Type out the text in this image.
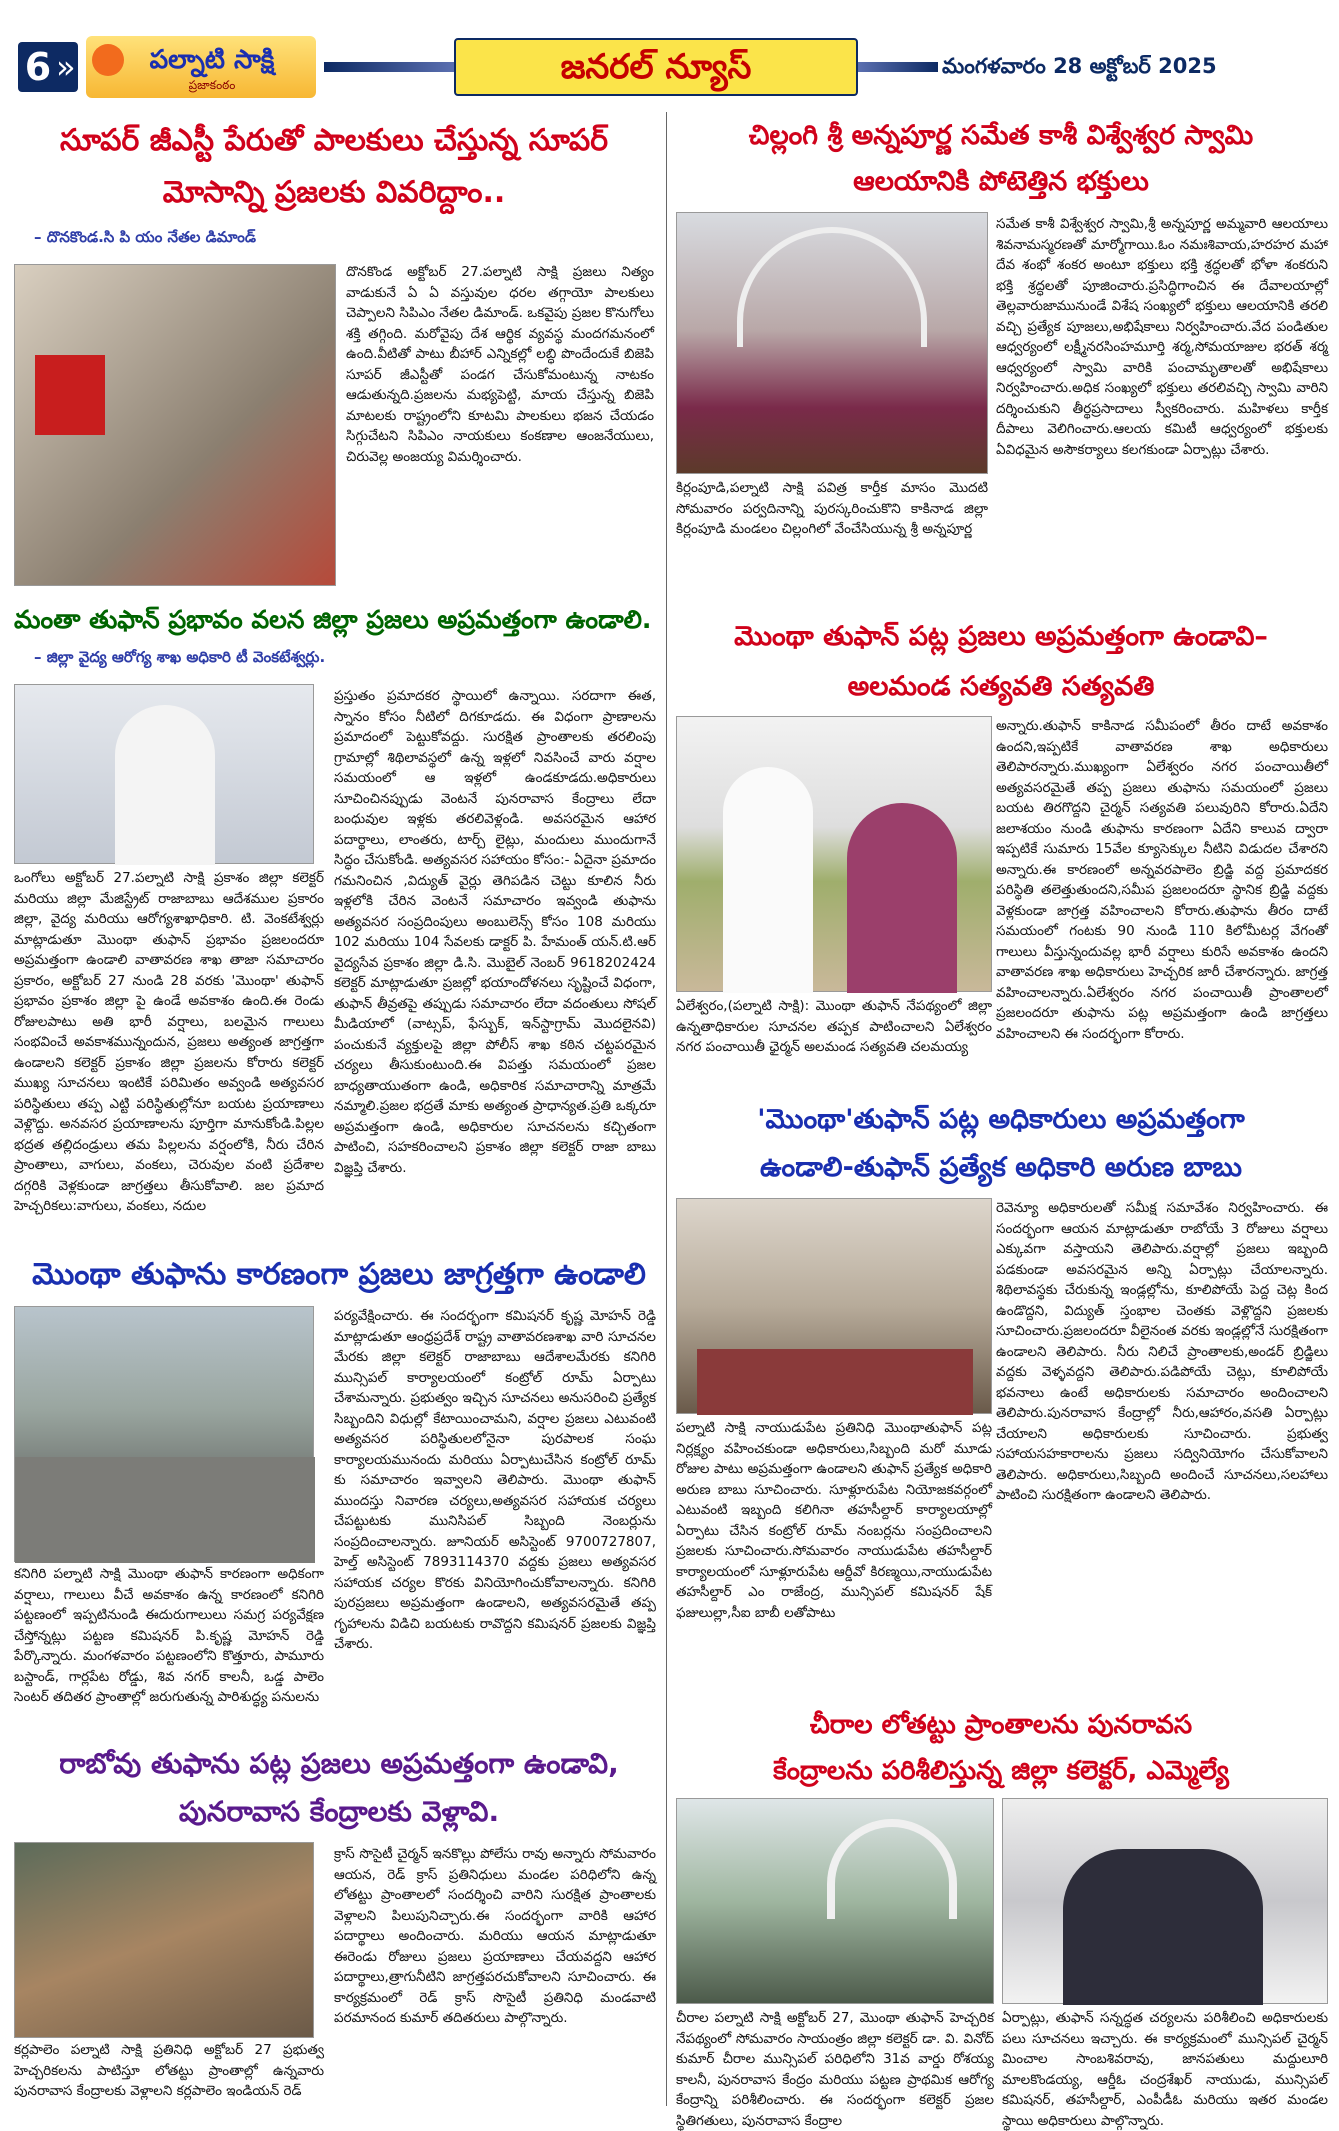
6 »	పల్నాటి సాక్షి
ప్రజాకంఠం	జనరల్ న్యూస్	మంగళవారం 28 అక్టోబర్ 2025
సూపర్ జీఎస్టీ పేరుతో పాలకులు చేస్తున్న సూపర్
మోసాన్ని ప్రజలకు వివరిద్దాం..
– దొనకొండ.సి పి యం నేతల డిమాండ్
దొనకొండ అక్టోబర్ 27.పల్నాటి సాక్షి ప్రజలు నిత్యం వాడుకునే ఏ ఏ వస్తువుల ధరల తగ్గాయో పాలకులు చెప్పాలని సిపిఎం నేతల డిమాండ్. ఒకవైపు ప్రజల కొనుగోలు శక్తి తగ్గింది. మరోవైపు దేశ ఆర్థిక వ్యవస్థ మందగమనంలో ఉంది.వీటితో పాటు బీహార్ ఎన్నికల్లో లబ్ధి పొందేందుకే బిజెపి సూపర్ జీఎస్టీతో పండగ చేసుకోమంటున్న నాటకం ఆడుతున్నది.ప్రజలను మభ్యపెట్టి, మాయ చేస్తున్న బిజెపి మాటలకు రాష్ట్రంలోని కూటమి పాలకులు భజన చేయడం సిగ్గుచేటని సిపిఎం నాయకులు కంకణాల ఆంజనేయులు, చిరువెల్ల అంజయ్య విమర్శించారు.
మంతా తుఫాన్ ప్రభావం వలన జిల్లా ప్రజలు అప్రమత్తంగా ఉండాలి.
– జిల్లా వైద్య ఆరోగ్య శాఖ అధికారి టీ వెంకటేశ్వర్లు.
ఒంగోలు అక్టోబర్ 27.పల్నాటి సాక్షి ప్రకాశం జిల్లా కలెక్టర్ మరియు జిల్లా మేజిస్ట్రేట్ రాజాబాబు ఆదేశముల ప్రకారం జిల్లా, వైద్య మరియు ఆరోగ్యశాఖాధికారి. టి. వెంకటేశ్వర్లు మాట్లాడుతూ మొంథా తుఫాన్ ప్రభావం ప్రజలందరూ అప్రమత్తంగా ఉండాలి వాతావరణ శాఖ తాజా సమాచారం ప్రకారం, అక్టోబర్ 27 నుండి 28 వరకు 'మొంథా' తుఫాన్ ప్రభావం ప్రకాశం జిల్లా పై ఉండే అవకాశం ఉంది.ఈ రెండు రోజులపాటు అతి భారీ వర్షాలు, బలమైన గాలులు సంభవించే అవకాశమున్నందున, ప్రజలు అత్యంత జాగ్రత్తగా ఉండాలని కలెక్టర్ ప్రకాశం జిల్లా ప్రజలను కోరారు కలెక్టర్ ముఖ్య సూచనలు ఇంటికే పరిమితం అవ్వండి అత్యవసర పరిస్థితులు తప్ప ఎట్టి పరిస్థితుల్లోనూ బయట ప్రయాణాలు వెళ్లొద్దు. అనవసర ప్రయాణాలను పూర్తిగా మానుకోండి.పిల్లల భద్రత తల్లిదండ్రులు తమ పిల్లలను వర్షంలోకి, నీరు చేరిన ప్రాంతాలు, వాగులు, వంకలు, చెరువుల వంటి ప్రదేశాల దగ్గరికి వెళ్లకుండా జాగ్రత్తలు తీసుకోవాలి. జల ప్రమాద హెచ్చరికలు:వాగులు, వంకలు, నదుల
ప్రస్తుతం ప్రమాదకర స్థాయిలో ఉన్నాయి. సరదాగా ఈత, స్నానం కోసం నీటిలో దిగకూడదు. ఈ విధంగా ప్రాణాలను ప్రమాదంలో పెట్టుకోవద్దు. సురక్షిత ప్రాంతాలకు తరలింపు గ్రామాల్లో శిథిలావస్థలో ఉన్న ఇళ్లలో నివసించే వారు వర్షాల సమయంలో ఆ ఇళ్లలో ఉండకూడదు.అధికారులు సూచించినప్పుడు వెంటనే పునరావాస కేంద్రాలు లేదా బంధువుల ఇళ్లకు తరలివెళ్లండి. అవసరమైన ఆహార పదార్థాలు, లాంతరు, టార్చ్ లైట్లు, మందులు ముందుగానే సిద్ధం చేసుకోండి. అత్యవసర సహాయం కోసం:- ఏదైనా ప్రమాదం గమనించిన ,విద్యుత్ వైర్లు తెగిపడిన చెట్టు కూలిన నీరు ఇళ్లలోకి చేరిన వెంటనే సమాచారం ఇవ్వండి తుఫాను అత్యవసర సంప్రదింపులు అంబులెన్స్ కోసం 108 మరియు 102 మరియు 104 సేవలకు డాక్టర్ పి. హేమంత్ యన్.టి.ఆర్ వైద్యసేవ ప్రకాశం జిల్లా డి.సి. మొబైల్ నెంబర్ 9618202424 కలెక్టర్ మాట్లాడుతూ ప్రజల్లో భయాందోళనలు సృష్టించే విధంగా, తుఫాన్ తీవ్రతపై తప్పుడు సమాచారం లేదా వదంతులు సోషల్ మీడియాలో (వాట్సప్, ఫేస్బుక్, ఇన్‌స్టాగ్రామ్ మొదలైనవి) పంచుకునే వ్యక్తులపై జిల్లా పోలీస్ శాఖ కఠిన చట్టపరమైన చర్యలు తీసుకుంటుంది.ఈ విపత్తు సమయంలో ప్రజల బాధ్యతాయుతంగా ఉండి, అధికారిక సమాచారాన్ని మాత్రమే నమ్మాలి.ప్రజల భద్రతే మాకు అత్యంత ప్రాధాన్యత.ప్రతి ఒక్కరూ అప్రమత్తంగా ఉండి, అధికారుల సూచనలను కచ్చితంగా పాటించి, సహకరించాలని ప్రకాశం జిల్లా కలెక్టర్ రాజా బాబు విజ్ఞప్తి చేశారు.
మొంథా తుఫాను కారణంగా ప్రజలు జాగ్రత్తగా ఉండాలి
కనిగిరి పల్నాటి సాక్షి మొంథా తుఫాన్ కారణంగా అధికంగా వర్షాలు, గాలులు వీచే అవకాశం ఉన్న కారణంలో కనిగిరి పట్టణంలో ఇప్పటినుండి ఈదురుగాలులు సమగ్ర పర్యవేక్షణ చేస్తోన్నట్లు పట్టణ కమిషనర్ పి.కృష్ణ మోహన్ రెడ్డి పేర్కొన్నారు. మంగళవారం పట్టణంలోని కొత్తూరు, పామూరు బస్టాండ్, గార్లపేట రోడ్డు, శివ నగర్ కాలనీ, ఒడ్డ పాలెం సెంటర్ తదితర ప్రాంతాల్లో జరుగుతున్న పారిశుద్ధ్య పనులను
పర్యవేక్షించారు. ఈ సందర్భంగా కమిషనర్ కృష్ణ మోహన్ రెడ్డి మాట్లాడుతూ ఆంధ్రప్రదేశ్ రాష్ట్ర వాతావరణశాఖ వారి సూచనల మేరకు జిల్లా కలెక్టర్ రాజాబాబు ఆదేశాలమేరకు కనిగిరి మున్సిపల్ కార్యాలయంలో కంట్రోల్ రూమ్ ఏర్పాటు చేశామన్నారు. ప్రభుత్వం ఇచ్చిన సూచనలు అనుసరించి ప్రత్యేక సిబ్బందిని విధుల్లో కేటాయించామని, వర్షాల ప్రజలు ఎటువంటి అత్యవసర పరిస్థితులలోనైనా పురపాలక సంఘ కార్యాలయమునందు మరియు ఏర్పాటుచేసిన కంట్రోల్ రూమ్ కు సమాచారం ఇవ్వాలని తెలిపారు. మొంథా తుఫాన్ ముందస్తు నివారణ చర్యలు,అత్యవసర సహాయక చర్యలు చేపట్టుటకు మునిసిపల్ సిబ్బంది నెంబర్లును సంప్రదించాలన్నారు. జూనియర్ అసిస్టెంట్ 9700727807, హెల్త్ అసిస్టెంట్ 7893114370 వద్దకు ప్రజలు అత్యవసర సహాయక చర్యల కొరకు వినియోగించుకోవాలన్నారు. కనిగిరి పురప్రజలు అప్రమత్తంగా ఉండాలని, అత్యవసరమైతే తప్ప గృహాలను విడిచి బయటకు రావొద్దని కమిషనర్ ప్రజలకు విజ్ఞప్తి చేశారు.
రాబోవు తుఫాను పట్ల ప్రజలు అప్రమత్తంగా ఉండావి,
పునరావాస కేంద్రాలకు వెళ్లావి.
కర్లపాలెం పల్నాటి సాక్షి ప్రతినిధి అక్టోబర్ 27 ప్రభుత్వ హెచ్చరికలను పాటిస్తూ లోతట్టు ప్రాంతాల్లో ఉన్నవారు పునరావాస కేంద్రాలకు వెళ్లాలని కర్లపాలెం ఇండియన్ రెడ్
క్రాస్ సొసైటీ చైర్మన్ ఇనకొల్లు పోలేసు రావు అన్నారు సోమవారం ఆయన, రెడ్ క్రాస్ ప్రతినిధులు మండల పరిధిలోని ఉన్న లోతట్టు ప్రాంతాలలో సందర్శించి వారిని సురక్షిత ప్రాంతాలకు వెళ్లాలని పిలుపునిచ్చారు.ఈ సందర్భంగా వారికి ఆహార పదార్థాలు అందించారు. మరియు ఆయన మాట్లాడుతూ ఈరెండు రోజులు ప్రజలు ప్రయాణాలు చేయవద్దని ఆహార పదార్థాలు,త్రాగునీటిని జాగ్రత్తపరచుకోవాలని సూచించారు. ఈ కార్యక్రమంలో రెడ్ క్రాస్ సొసైటీ ప్రతినిధి మండవాటి పరమానంద కుమార్ తదితరులు పాల్గొన్నారు.
చిల్లంగి శ్రీ అన్నపూర్ణ సమేత కాశీ విశ్వేశ్వర స్వామి
ఆలయానికి పోటెత్తిన భక్తులు
సమేత కాశీ విశ్వేశ్వర స్వామి,శ్రీ అన్నపూర్ణ అమ్మవారి ఆలయాలు శివనామస్మరణతో మార్మోగాయి.ఓం నమఃశివాయ,హరహర మహా దేవ శంభో శంకర అంటూ భక్తులు భక్తి శ్రద్ధలతో భోళా శంకరుని భక్తి శ్రద్ధలతో పూజించారు.ప్రసిద్ధిగాంచిన ఈ దేవాలయాల్లో తెల్లవారుజామునుండే విశేష సంఖ్యలో భక్తులు ఆలయానికి తరలి వచ్చి ప్రత్యేక పూజలు,అభిషేకాలు నిర్వహించారు.వేద పండితుల ఆధ్వర్యంలో లక్ష్మీనరసింహమూర్తి శర్మ,సోమయాజుల భరత్ శర్మ ఆధ్వర్యంలో స్వామి వారికి పంచామృతాలతో అభిషేకాలు నిర్వహించారు.అధిక సంఖ్యలో భక్తులు తరలివచ్చి స్వామి వారిని దర్శించుకుని తీర్థప్రసాదాలు స్వీకరించారు. మహిళలు కార్తీక దీపాలు వెలిగించారు.ఆలయ కమిటీ ఆధ్వర్యంలో భక్తులకు ఏవిధమైన అసౌకర్యాలు కలగకుండా ఏర్పాట్లు చేశారు.
కిర్లంపూడి,పల్నాటి సాక్షి పవిత్ర కార్తీక మాసం మొదటి సోమవారం పర్వదినాన్ని పురస్కరించుకొని కాకినాడ జిల్లా కిర్లంపూడి మండలం చిల్లంగిలో వేంచేసియున్న శ్రీ అన్నపూర్ణ
మొంథా తుఫాన్ పట్ల ప్రజలు అప్రమత్తంగా ఉండావి–
అలమండ సత్యవతి సత్యవతి
ఏలేశ్వరం,(పల్నాటి సాక్షి): మొంథా తుఫాన్ నేపథ్యంలో జిల్లా ఉన్నతాధికారుల సూచనల తప్పక పాటించాలని ఏలేశ్వరం నగర పంచాయితీ ఛైర్మన్ అలమండ సత్యవతి చలమయ్య
అన్నారు.తుఫాన్ కాకినాడ సమీపంలో తీరం దాటే అవకాశం ఉందని,ఇప్పటికే వాతావరణ శాఖ అధికారులు తెలిపారన్నారు.ముఖ్యంగా ఏలేశ్వరం నగర పంచాయితీలో అత్యవసరమైతే తప్ప ప్రజలు తుఫాను సమయంలో ప్రజలు బయట తిరగొద్దని చైర్మన్ సత్యవతి పలువురిని కోరారు.ఏదేని జలాశయం నుండి తుఫాను కారణంగా ఏదేని కాలువ ద్వారా ఇప్పటికే సుమారు 15వేల క్యూసెక్కుల నీటిని విడుదల చేశారని అన్నారు.ఈ కారణంలో అన్నవరపాలెం బ్రిడ్జి వద్ద ప్రమాదకర పరిస్థితి తలెత్తుతుందని,సమీప ప్రజలందరూ స్థానిక బ్రిడ్జి వద్దకు వెళ్లకుండా జాగ్రత్త వహించాలని కోరారు.తుఫాను తీరం దాటే సమయంలో గంటకు 90 నుండి 110 కిలోమీటర్ల వేగంతో గాలులు వీస్తున్నందువల్ల భారీ వర్షాలు కురిసే అవకాశం ఉందని వాతావరణ శాఖ అధికారులు హెచ్చరిక జారీ చేశారన్నారు. జాగ్రత్త వహించాలన్నారు.ఏలేశ్వరం నగర పంచాయితీ ప్రాంతాలలో ప్రజలందరూ తుఫాను పట్ల అప్రమత్తంగా ఉండి జాగ్రత్తలు వహించాలని ఈ సందర్భంగా కోరారు.
'మొంథా'తుఫాన్ పట్ల అధికారులు అప్రమత్తంగా
ఉండాలి-తుఫాన్ ప్రత్యేక అధికారి అరుణ బాబు
పల్నాటి సాక్షి నాయుడుపేట ప్రతినిధి మొంథాతుఫాన్ పట్ల నిర్లక్ష్యం వహించకుండా అధికారులు,సిబ్బంది మరో మూడు రోజుల పాటు అప్రమత్తంగా ఉండాలని తుఫాన్ ప్రత్యేక అధికారి అరుణ బాబు సూచించారు. సూళ్లూరుపేట నియోజకవర్గంలో ఎటువంటి ఇబ్బంది కలిగినా తహసీల్దార్ కార్యాలయాల్లో ఏర్పాటు చేసిన కంట్రోల్ రూమ్ నంబర్లను సంప్రదించాలని ప్రజలకు సూచించారు.సోమవారం నాయుడుపేట తహసీల్దార్ కార్యాలయంలో సూళ్లూరుపేట ఆర్డీవో కిరణ్మయి,నాయుడుపేట తహసీల్దార్ ఎం రాజేంద్ర, మున్సిపల్ కమిషనర్ షేక్ ఫజులుల్లా,సీఐ బాబీ లతోపాటు
రెవెన్యూ అధికారులతో సమీక్ష సమావేశం నిర్వహించారు. ఈ సందర్భంగా ఆయన మాట్లాడుతూ రాబోయే 3 రోజులు వర్షాలు ఎక్కువగా వస్తాయని తెలిపారు.వర్షాల్లో ప్రజలు ఇబ్బంది పడకుండా అవసరమైన అన్ని ఏర్పాట్లు చేయాలన్నారు. శిథిలావస్థకు చేరుకున్న ఇండ్లల్లోను, కూలిపోయే పెద్ద చెట్ల కింద ఉండొద్దని, విద్యుత్ స్తంభాల చెంతకు వెళ్లొద్దని ప్రజలకు సూచించారు.ప్రజలందరూ వీలైనంత వరకు ఇండ్లల్లోనే సురక్షితంగా ఉండాలని తెలిపారు. నీరు నిలిచే ప్రాంతాలకు,అండర్ బ్రిడ్జిలు వద్దకు వెళ్ళవద్దని తెలిపారు.పడిపోయే చెట్లు, కూలిపోయే భవనాలు ఉంటే అధికారులకు సమాచారం అందించాలని తెలిపారు.పునరావాస కేంద్రాల్లో నీరు,ఆహారం,వసతి ఏర్పాట్లు చేయాలని అధికారులకు సూచించారు. ప్రభుత్వ సహాయసహకారాలను ప్రజలు సద్వినియోగం చేసుకోవాలని తెలిపారు. అధికారులు,సిబ్బంది అందించే సూచనలు,సలహాలు పాటించి సురక్షితంగా ఉండాలని తెలిపారు.
చీరాల లోతట్టు ప్రాంతాలను పునరావస
కేంద్రాలను పరిశీలిస్తున్న జిల్లా కలెక్టర్, ఎమ్మెల్యే
చీరాల పల్నాటి సాక్షి అక్టోబర్ 27, మొంథా తుఫాన్ హెచ్చరిక నేపథ్యంలో సోమవారం సాయంత్రం జిల్లా కలెక్టర్ డా. వి. వినోద్ కుమార్ చీరాల మున్సిపల్ పరిధిలోని 31వ వార్డు రోశయ్య కాలనీ, పునరావాస కేంద్రం మరియు పట్టణ ప్రాథమిక ఆరోగ్య కేంద్రాన్ని పరిశీలించారు. ఈ సందర్భంగా కలెక్టర్ ప్రజల స్థితిగతులు, పునరావాస కేంద్రాల
ఏర్పాట్లు, తుఫాన్ సన్నద్ధత చర్యలను పరిశీలించి అధికారులకు పలు సూచనలు ఇచ్చారు. ఈ కార్యక్రమంలో మున్సిపల్ చైర్మన్ మించాల సాంబశివరావు, జానపతులు మద్దులూరి మాలకొండయ్య, ఆర్డీఓ చంద్రశేఖర్ నాయుడు, మున్సిపల్ కమిషనర్, తహసీల్దార్, ఎంపీడీఓ మరియు ఇతర మండల స్థాయి అధికారులు పాల్గొన్నారు.
